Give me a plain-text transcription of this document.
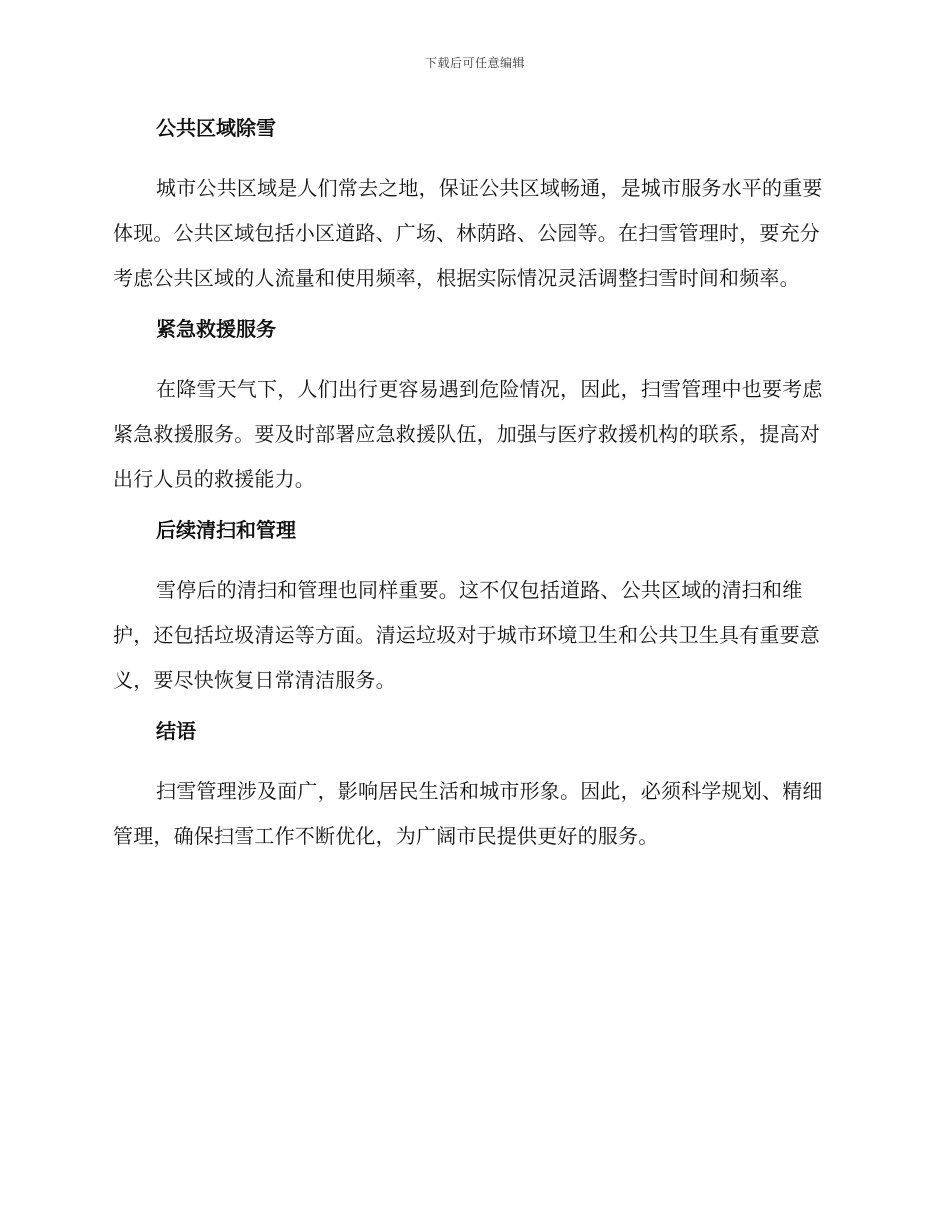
下载后可任意编辑
公共区域除雪

城市公共区域是人们常去之地，保证公共区域畅通，是城市服务水平的重要体现。公共区域包括小区道路、广场、林荫路、公园等。在扫雪管理时，要充分考虑公共区域的人流量和使用频率，根据实际情况灵活调整扫雪时间和频率。

紧急救援服务

在降雪天气下，人们出行更容易遇到危险情况，因此，扫雪管理中也要考虑紧急救援服务。要及时部署应急救援队伍，加强与医疗救援机构的联系，提高对出行人员的救援能力。

后续清扫和管理

雪停后的清扫和管理也同样重要。这不仅包括道路、公共区域的清扫和维护，还包括垃圾清运等方面。清运垃圾对于城市环境卫生和公共卫生具有重要意义，要尽快恢复日常清洁服务。

结语

扫雪管理涉及面广，影响居民生活和城市形象。因此，必须科学规划、精细管理，确保扫雪工作不断优化，为广阔市民提供更好的服务。
